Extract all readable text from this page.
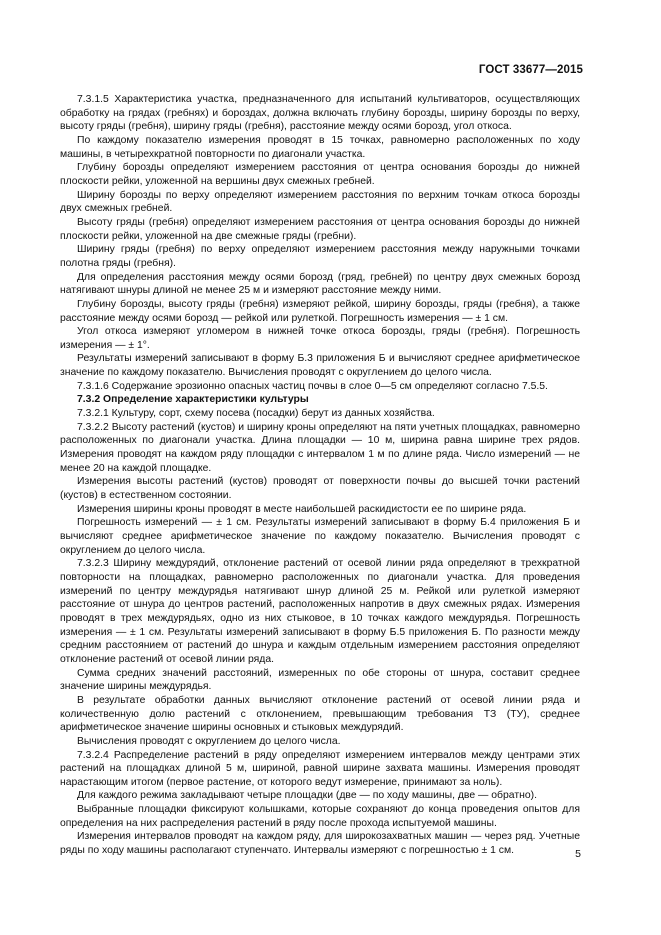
ГОСТ 33677—2015

7.3.1.5 Характеристика участка, предназначенного для испытаний культиваторов, осуществляющих обработку на грядах (гребнях) и бороздах, должна включать глубину борозды, ширину борозды по верху, высоту гряды (гребня), ширину гряды (гребня), расстояние между осями борозд, угол откоса.

По каждому показателю измерения проводят в 15 точках, равномерно расположенных по ходу машины, в четырехкратной повторности по диагонали участка.

Глубину борозды определяют измерением расстояния от центра основания борозды до нижней плоскости рейки, уложенной на вершины двух смежных гребней.

Ширину борозды по верху определяют измерением расстояния по верхним точкам откоса борозды двух смежных гребней.

Высоту гряды (гребня) определяют измерением расстояния от центра основания борозды до нижней плоскости рейки, уложенной на две смежные гряды (гребни).

Ширину гряды (гребня) по верху определяют измерением расстояния между наружными точками полотна гряды (гребня).

Для определения расстояния между осями борозд (гряд, гребней) по центру двух смежных борозд натягивают шнуры длиной не менее 25 м и измеряют расстояние между ними.

Глубину борозды, высоту гряды (гребня) измеряют рейкой, ширину борозды, гряды (гребня), а также расстояние между осями борозд — рейкой или рулеткой. Погрешность измерения — ± 1 см.

Угол откоса измеряют угломером в нижней точке откоса борозды, гряды (гребня). Погрешность измерения — ± 1°.

Результаты измерений записывают в форму Б.3 приложения Б и вычисляют среднее арифметическое значение по каждому показателю. Вычисления проводят с округлением до целого числа.

7.3.1.6 Содержание эрозионно опасных частиц почвы в слое 0—5 см определяют согласно 7.5.5.

7.3.2 Определение характеристики культуры

7.3.2.1 Культуру, сорт, схему посева (посадки) берут из данных хозяйства.

7.3.2.2 Высоту растений (кустов) и ширину кроны определяют на пяти учетных площадках, равномерно расположенных по диагонали участка. Длина площадки — 10 м, ширина равна ширине трех рядов. Измерения проводят на каждом ряду площадки с интервалом 1 м по длине ряда. Число измерений — не менее 20 на каждой площадке.

Измерения высоты растений (кустов) проводят от поверхности почвы до высшей точки растений (кустов) в естественном состоянии.

Измерения ширины кроны проводят в месте наибольшей раскидистости ее по ширине ряда.

Погрешность измерений — ± 1 см. Результаты измерений записывают в форму Б.4 приложения Б и вычисляют среднее арифметическое значение по каждому показателю. Вычисления проводят с округлением до целого числа.

7.3.2.3 Ширину междурядий, отклонение растений от осевой линии ряда определяют в трехкратной повторности на площадках, равномерно расположенных по диагонали участка. Для проведения измерений по центру междурядья натягивают шнур длиной 25 м. Рейкой или рулеткой измеряют расстояние от шнура до центров растений, расположенных напротив в двух смежных рядах. Измерения проводят в трех междурядьях, одно из них стыковое, в 10 точках каждого междурядья. Погрешность измерения — ± 1 см. Результаты измерений записывают в форму Б.5 приложения Б. По разности между средним расстоянием от растений до шнура и каждым отдельным измерением расстояния определяют отклонение растений от осевой линии ряда.

Сумма средних значений расстояний, измеренных по обе стороны от шнура, составит среднее значение ширины междурядья.

В результате обработки данных вычисляют отклонение растений от осевой линии ряда и количественную долю растений с отклонением, превышающим требования ТЗ (ТУ), среднее арифметическое значение ширины основных и стыковых междурядий.

Вычисления проводят с округлением до целого числа.

7.3.2.4 Распределение растений в ряду определяют измерением интервалов между центрами этих растений на площадках длиной 5 м, шириной, равной ширине захвата машины. Измерения проводят нарастающим итогом (первое растение, от которого ведут измерение, принимают за ноль).

Для каждого режима закладывают четыре площадки (две — по ходу машины, две — обратно).

Выбранные площадки фиксируют колышками, которые сохраняют до конца проведения опытов для определения на них распределения растений в ряду после прохода испытуемой машины.

Измерения интервалов проводят на каждом ряду, для широкозахватных машин — через ряд. Учетные ряды по ходу машины располагают ступенчато. Интервалы измеряют с погрешностью ± 1 см.	5
